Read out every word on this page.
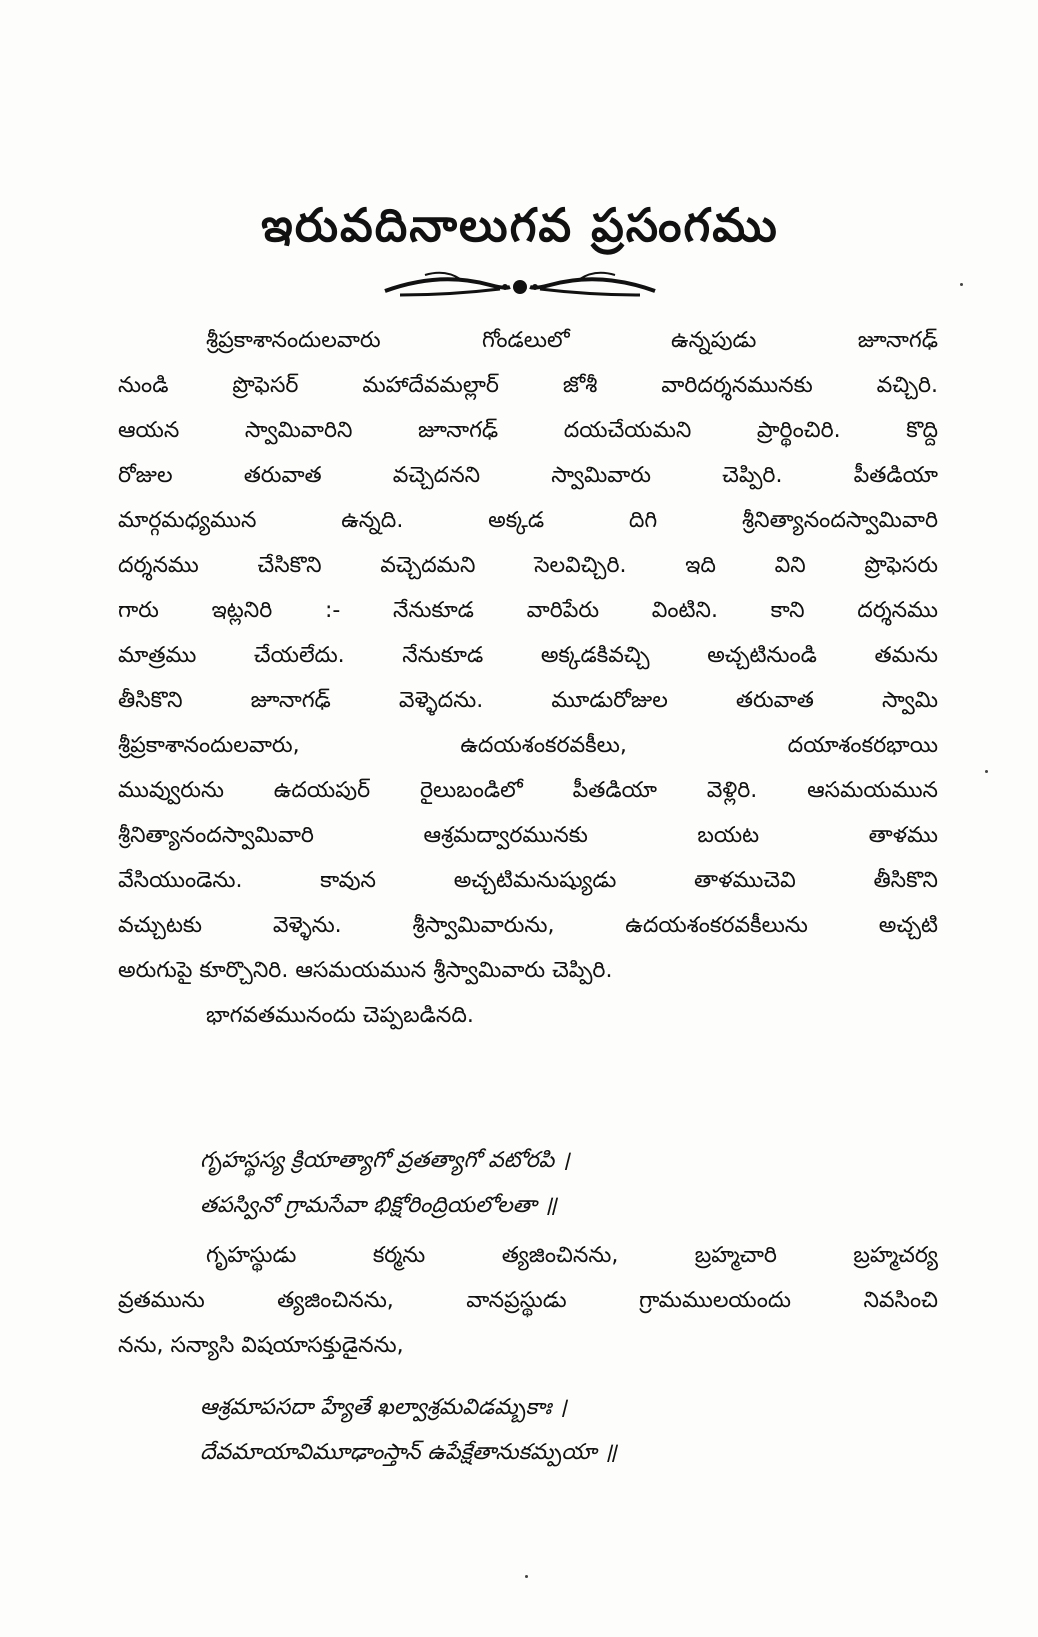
ఇరువదినాలుగవ ప్రసంగము
శ్రీప్రకాశానందులవారు గోండలులో ఉన్నపుడు జూనాగఢ్
నుండి ప్రొఫెసర్ మహాదేవమల్లార్ జోశీ వారిదర్శనమునకు వచ్చిరి.
ఆయన స్వామివారిని జూనాగఢ్ దయచేయమని ప్రార్థించిరి. కొద్ది
రోజుల తరువాత వచ్చెదనని స్వామివారు చెప్పిరి. పీతడియా
మార్గమధ్యమున ఉన్నది. అక్కడ దిగి శ్రీనిత్యానందస్వామివారి
దర్శనము చేసికొని వచ్చెదమని సెలవిచ్చిరి. ఇది విని ప్రొఫెసరు
గారు ఇట్లనిరి :- నేనుకూడ వారిపేరు వింటిని. కాని దర్శనము
మాత్రము చేయలేదు. నేనుకూడ అక్కడకివచ్చి అచ్చటినుండి తమను
తీసికొని జూనాగఢ్ వెళ్ళెదను. మూడురోజుల తరువాత స్వామి
శ్రీప్రకాశానందులవారు, ఉదయశంకరవకీలు, దయాశంకరభాయి
మువ్వురును ఉదయపుర్ రైలుబండిలో పీతడియా వెళ్లిరి. ఆసమయమున
శ్రీనిత్యానందస్వామివారి ఆశ్రమద్వారమునకు బయట తాళము
వేసియుండెను. కావున అచ్చటిమనుష్యుడు తాళముచెవి తీసికొని
వచ్చుటకు వెళ్ళెను. శ్రీస్వామివారును, ఉదయశంకరవకీలును అచ్చటి
అరుగుపై కూర్చొనిరి. ఆసమయమున శ్రీస్వామివారు చెప్పిరి.
భాగవతమునందు చెప్పబడినది.
గృహస్థస్య క్రియాత్యాగో వ్రతత్యాగో వటోరపి ।
తపస్వినో గ్రామసేవా భిక్షోరింద్రియలోలతా ॥
గృహస్థుడు కర్మను త్యజించినను, బ్రహ్మచారి బ్రహ్మచర్య
వ్రతమును త్యజించినను, వానప్రస్థుడు గ్రామములయందు నివసించి
నను, సన్యాసి విషయాసక్తుడైనను,
ఆశ్రమాపసదా హ్యేతే ఖల్వాశ్రమవిడమ్బకాః ।
దేవమాయావిమూఢాంస్తాన్ ఉపేక్షేతానుకమ్పయా ॥
